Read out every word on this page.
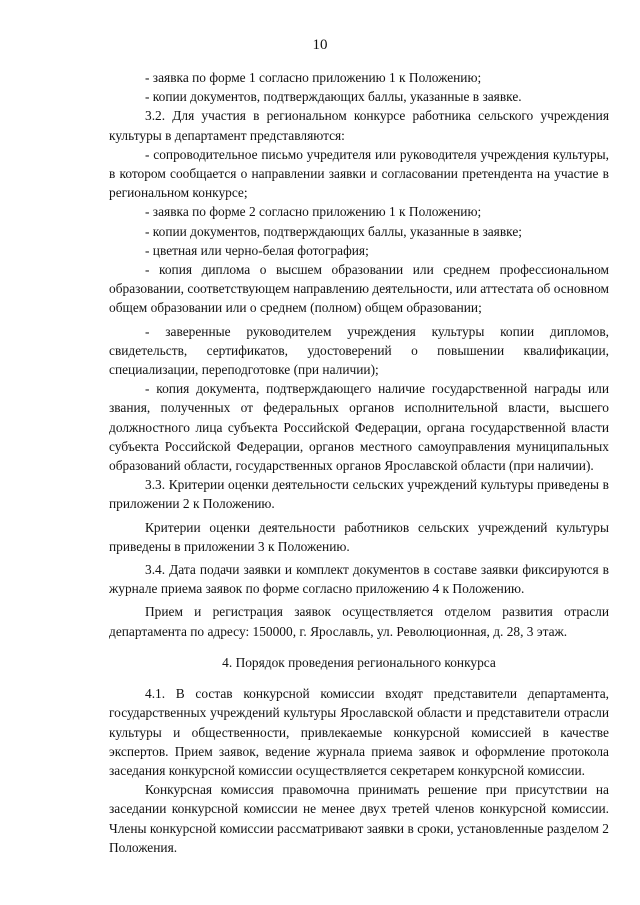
10

- заявка по форме 1 согласно приложению 1 к Положению;

- копии документов, подтверждающих баллы, указанные в заявке.

3.2. Для участия в региональном конкурсе работника сельского учреждения культуры в департамент представляются:

- сопроводительное письмо учредителя или руководителя учреждения культуры, в котором сообщается о направлении заявки и согласовании претендента на участие в региональном конкурсе;

- заявка по форме 2 согласно приложению 1 к Положению;

- копии документов, подтверждающих баллы, указанные в заявке;

- цветная или черно-белая фотография;

- копия диплома о высшем образовании или среднем профессиональном образовании, соответствующем направлению деятельности, или аттестата об основном общем образовании или о среднем (полном) общем образовании;

- заверенные руководителем учреждения культуры копии дипломов, свидетельств, сертификатов, удостоверений о повышении квалификации, специализации, переподготовке (при наличии);

- копия документа, подтверждающего наличие государственной награды или звания, полученных от федеральных органов исполнительной власти, высшего должностного лица субъекта Российской Федерации, органа государственной власти субъекта Российской Федерации, органов местного самоуправления муниципальных образований области, государственных органов Ярославской области (при наличии).

3.3. Критерии оценки деятельности сельских учреждений культуры приведены в приложении 2 к Положению.

Критерии оценки деятельности работников сельских учреждений культуры приведены в приложении 3 к Положению.

3.4. Дата подачи заявки и комплект документов в составе заявки фиксируются в журнале приема заявок по форме согласно приложению 4 к Положению.

Прием и регистрация заявок осуществляется отделом развития отрасли департамента по адресу: 150000, г. Ярославль, ул. Революционная, д. 28, 3 этаж.

4. Порядок проведения регионального конкурса

4.1. В состав конкурсной комиссии входят представители департамента, государственных учреждений культуры Ярославской области и представители отрасли культуры и общественности, привлекаемые конкурсной комиссией в качестве экспертов. Прием заявок, ведение журнала приема заявок и оформление протокола заседания конкурсной комиссии осуществляется секретарем конкурсной комиссии.

Конкурсная комиссия правомочна принимать решение при присутствии на заседании конкурсной комиссии не менее двух третей членов конкурсной комиссии. Члены конкурсной комиссии рассматривают заявки в сроки, установленные разделом 2 Положения.
